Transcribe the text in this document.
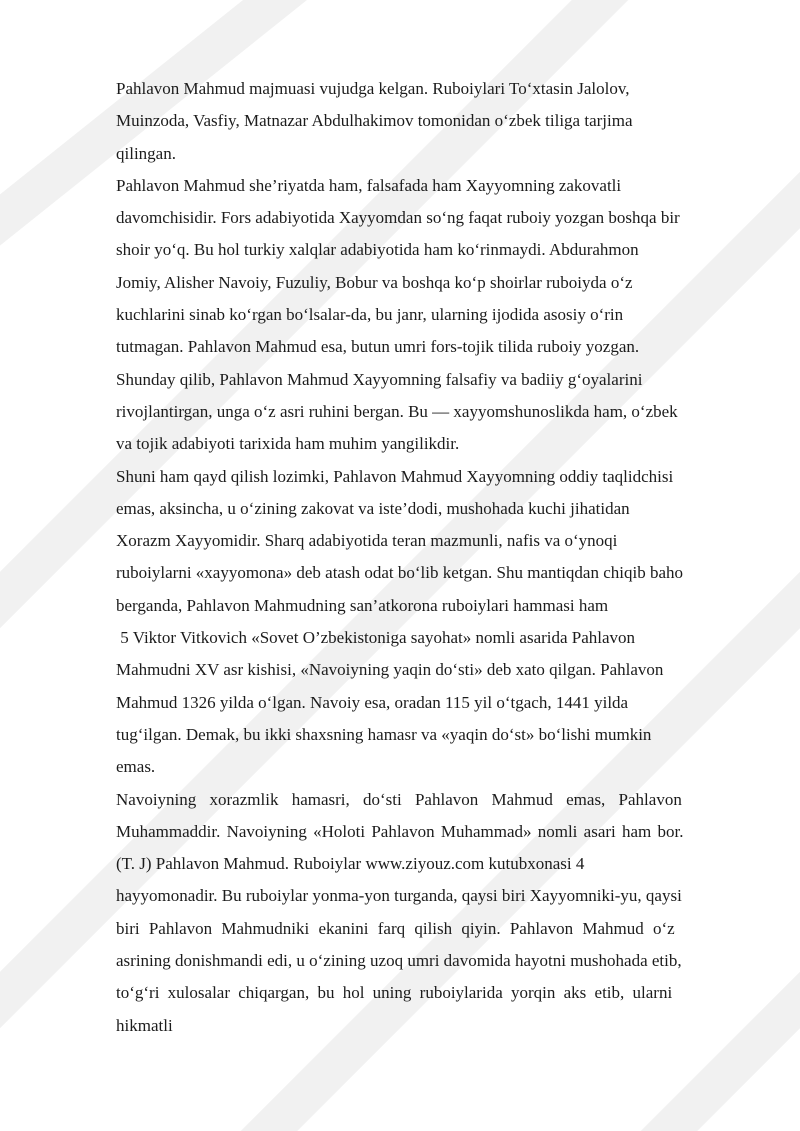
Pahlavon Mahmud majmuasi vujudga kelgan. Ruboiylari To‘xtasin Jalolov,

Muinzoda, Vasfiy, Matnazar Abdulhakimov tomonidan o‘zbek tiliga tarjima

qilingan.

Pahlavon Mahmud she’riyatda ham, falsafada ham Xayyomning zakovatli

davomchisidir. Fors adabiyotida Xayyomdan so‘ng faqat ruboiy yozgan boshqa bir

shoir yo‘q. Bu hol turkiy xalqlar adabiyotida ham ko‘rinmaydi. Abdurahmon

Jomiy, Alisher Navoiy, Fuzuliy, Bobur va boshqa ko‘p shoirlar ruboiyda o‘z

kuchlarini sinab ko‘rgan bo‘lsalar-da, bu janr, ularning ijodida asosiy o‘rin

tutmagan. Pahlavon Mahmud esa, butun umri fors-tojik tilida ruboiy yozgan.

Shunday qilib, Pahlavon Mahmud Xayyomning falsafiy va badiiy g‘oyalarini

rivojlantirgan, unga o‘z asri ruhini bergan. Bu — xayyomshunoslikda ham, o‘zbek

va tojik adabiyoti tarixida ham muhim yangilikdir.

Shuni ham qayd qilish lozimki, Pahlavon Mahmud Xayyomning oddiy taqlidchisi

emas, aksincha, u o‘zining zakovat va iste’dodi, mushohada kuchi jihatidan

Xorazm Xayyomidir. Sharq adabiyotida teran mazmunli, nafis va o‘ynoqi

ruboiylarni «xayyomona» deb atash odat bo‘lib ketgan. Shu mantiqdan chiqib baho

berganda, Pahlavon Mahmudning san’atkorona ruboiylari hammasi ham

5 Viktor Vitkovich «Sovet O’zbekistoniga sayohat» nomli asarida Pahlavon

Mahmudni XV asr kishisi, «Navoiyning yaqin do‘sti» deb xato qilgan. Pahlavon

Mahmud 1326 yilda o‘lgan. Navoiy esa, oradan 115 yil o‘tgach, 1441 yilda

tug‘ilgan. Demak, bu ikki shaxsning hamasr va «yaqin do‘st» bo‘lishi mumkin

emas.

Navoiyning xorazmlik hamasri, do‘sti Pahlavon Mahmud emas, Pahlavon

Muhammaddir. Navoiyning «Holoti Pahlavon Muhammad» nomli asari ham bor.

(T. J) Pahlavon Mahmud. Ruboiylar www.ziyouz.com kutubxonasi 4

hayyomonadir. Bu ruboiylar yonma-yon turganda, qaysi biri Xayyomniki-yu, qaysi

biri Pahlavon Mahmudniki ekanini farq qilish qiyin. Pahlavon Mahmud o‘z

asrining donishmandi edi, u o‘zining uzoq umri davomida hayotni mushohada etib,

to‘g‘ri xulosalar chiqargan, bu hol uning ruboiylarida yorqin aks etib, ularni

hikmatli
